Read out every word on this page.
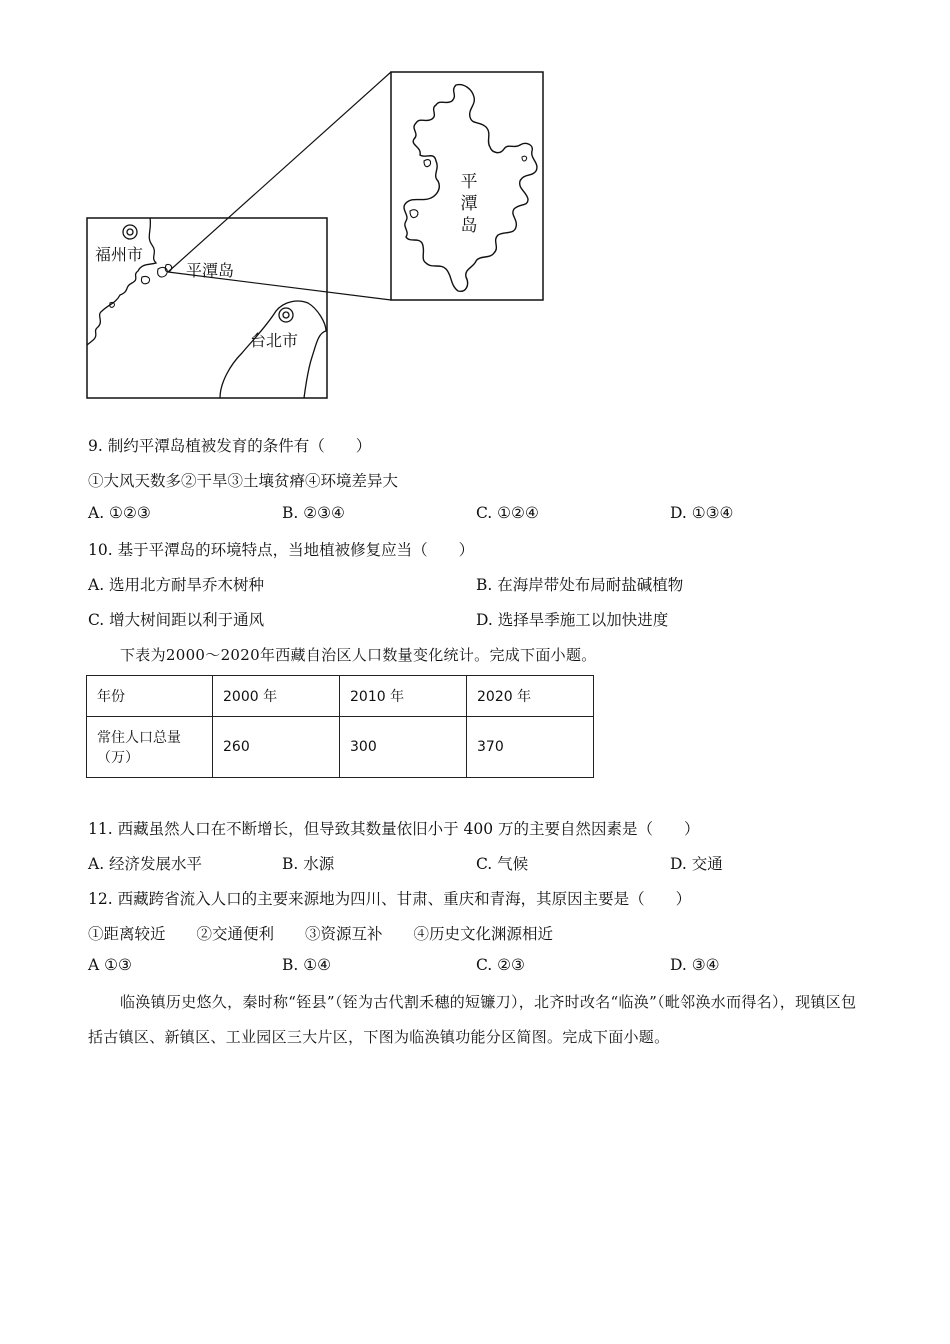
福州市
平潭岛
台北市
平
潭
岛
9. 制约平潭岛植被发育的条件有（　　）
①大风天数多②干旱③土壤贫瘠④环境差异大
A. ①②③	B. ②③④	C. ①②④	D. ①③④
10. 基于平潭岛的环境特点，当地植被修复应当（　　）
A. 选用北方耐旱乔木树种	B. 在海岸带处布局耐盐碱植物
C. 增大树间距以利于通风	D. 选择旱季施工以加快进度
下表为2000～2020年西藏自治区人口数量变化统计。完成下面小题。
年份	2000 年	2010 年	2020 年
常住人口总量（万）	260	300	370
11. 西藏虽然人口在不断增长，但导致其数量依旧小于 400 万的主要自然因素是（　　）
A. 经济发展水平	B. 水源	C. 气候	D. 交通
12. 西藏跨省流入人口的主要来源地为四川、甘肃、重庆和青海，其原因主要是（　　）
①距离较近　　②交通便利　　③资源互补　　④历史文化渊源相近
A ①③	B. ①④	C. ②③	D. ③④
临涣镇历史悠久，秦时称“铚县”（铚为古代割禾穗的短镰刀），北齐时改名“临涣”（毗邻涣水而得名），现镇区包括古镇区、新镇区、工业园区三大片区，下图为临涣镇功能分区简图。完成下面小题。
